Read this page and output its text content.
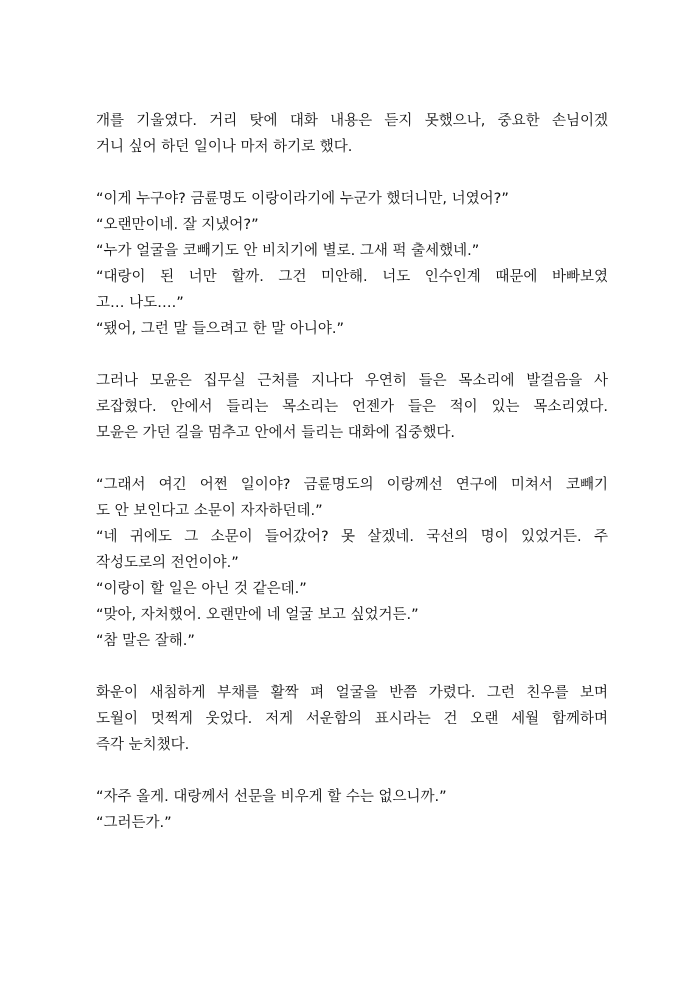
개를 기울였다. 거리 탓에 대화 내용은 듣지 못했으나, 중요한 손님이겠
거니 싶어 하던 일이나 마저 하기로 했다.
“이게 누구야? 금륜명도 이랑이라기에 누군가 했더니만, 너였어?”
“오랜만이네. 잘 지냈어?”
“누가 얼굴을 코빼기도 안 비치기에 별로. 그새 퍽 출세했네.”
“대랑이 된 너만 할까. 그건 미안해. 너도 인수인계 때문에 바빠보였
고… 나도….”
“됐어, 그런 말 들으려고 한 말 아니야.”
그러나 모윤은 집무실 근처를 지나다 우연히 들은 목소리에 발걸음을 사
로잡혔다. 안에서 들리는 목소리는 언젠가 들은 적이 있는 목소리였다.
모윤은 가던 길을 멈추고 안에서 들리는 대화에 집중했다.
“그래서 여긴 어쩐 일이야? 금륜명도의 이랑께선 연구에 미쳐서 코빼기
도 안 보인다고 소문이 자자하던데.”
“네 귀에도 그 소문이 들어갔어? 못 살겠네. 국선의 명이 있었거든. 주
작성도로의 전언이야.”
“이랑이 할 일은 아닌 것 같은데.”
“맞아, 자처했어. 오랜만에 네 얼굴 보고 싶었거든.”
“참 말은 잘해.”
화운이 새침하게 부채를 활짝 펴 얼굴을 반쯤 가렸다. 그런 친우를 보며
도월이 멋쩍게 웃었다. 저게 서운함의 표시라는 건 오랜 세월 함께하며
즉각 눈치챘다.
“자주 올게. 대랑께서 선문을 비우게 할 수는 없으니까.”
“그러든가.”
